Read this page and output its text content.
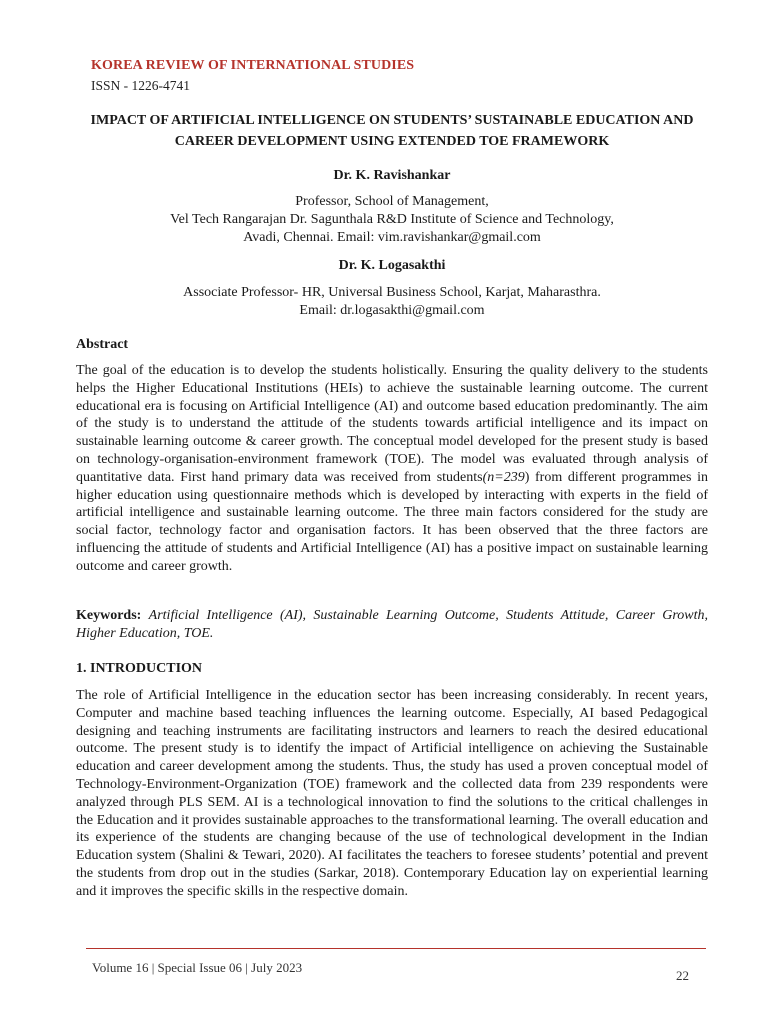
KOREA REVIEW OF INTERNATIONAL STUDIES
ISSN - 1226-4741
IMPACT OF ARTIFICIAL INTELLIGENCE ON STUDENTS’ SUSTAINABLE EDUCATION AND
CAREER DEVELOPMENT USING EXTENDED TOE FRAMEWORK
Dr. K. Ravishankar
Professor, School of Management,
Vel Tech Rangarajan Dr. Sagunthala R&D Institute of Science and Technology,
Avadi, Chennai. Email: vim.ravishankar@gmail.com
Dr. K. Logasakthi
Associate Professor- HR, Universal Business School, Karjat, Maharasthra.
Email: dr.logasakthi@gmail.com
Abstract
The goal of the education is to develop the students holistically. Ensuring the quality delivery to the students helps the Higher Educational Institutions (HEIs) to achieve the sustainable learning outcome. The current educational era is focusing on Artificial Intelligence (AI) and outcome based education predominantly. The aim of the study is to understand the attitude of the students towards artificial intelligence and its impact on sustainable learning outcome & career growth. The conceptual model developed for the present study is based on technology-organisation-environment framework (TOE). The model was evaluated through analysis of quantitative data. First hand primary data was received from students(n=239) from different programmes in higher education using questionnaire methods which is developed by interacting with experts in the field of artificial intelligence and sustainable learning outcome. The three main factors considered for the study are social factor, technology factor and organisation factors. It has been observed that the three factors are influencing the attitude of students and Artificial Intelligence (AI) has a positive impact on sustainable learning outcome and career growth.
Keywords: Artificial Intelligence (AI), Sustainable Learning Outcome, Students Attitude, Career Growth, Higher Education, TOE.
1. INTRODUCTION
The role of Artificial Intelligence in the education sector has been increasing considerably. In recent years, Computer and machine based teaching influences the learning outcome. Especially, AI based Pedagogical designing and teaching instruments are facilitating instructors and learners to reach the desired educational outcome. The present study is to identify the impact of Artificial intelligence on achieving the Sustainable education and career development among the students. Thus, the study has used a proven conceptual model of Technology-Environment-Organization (TOE) framework and the collected data from 239 respondents were analyzed through PLS SEM. AI is a technological innovation to find the solutions to the critical challenges in the Education and it provides sustainable approaches to the transformational learning. The overall education and its experience of the students are changing because of the use of technological development in the Indian Education system (Shalini & Tewari, 2020). AI facilitates the teachers to foresee students’ potential and prevent the students from drop out in the studies (Sarkar, 2018). Contemporary Education lay on experiential learning and it improves the specific skills in the respective domain.
Volume 16 | Special Issue 06 | July 2023
22
